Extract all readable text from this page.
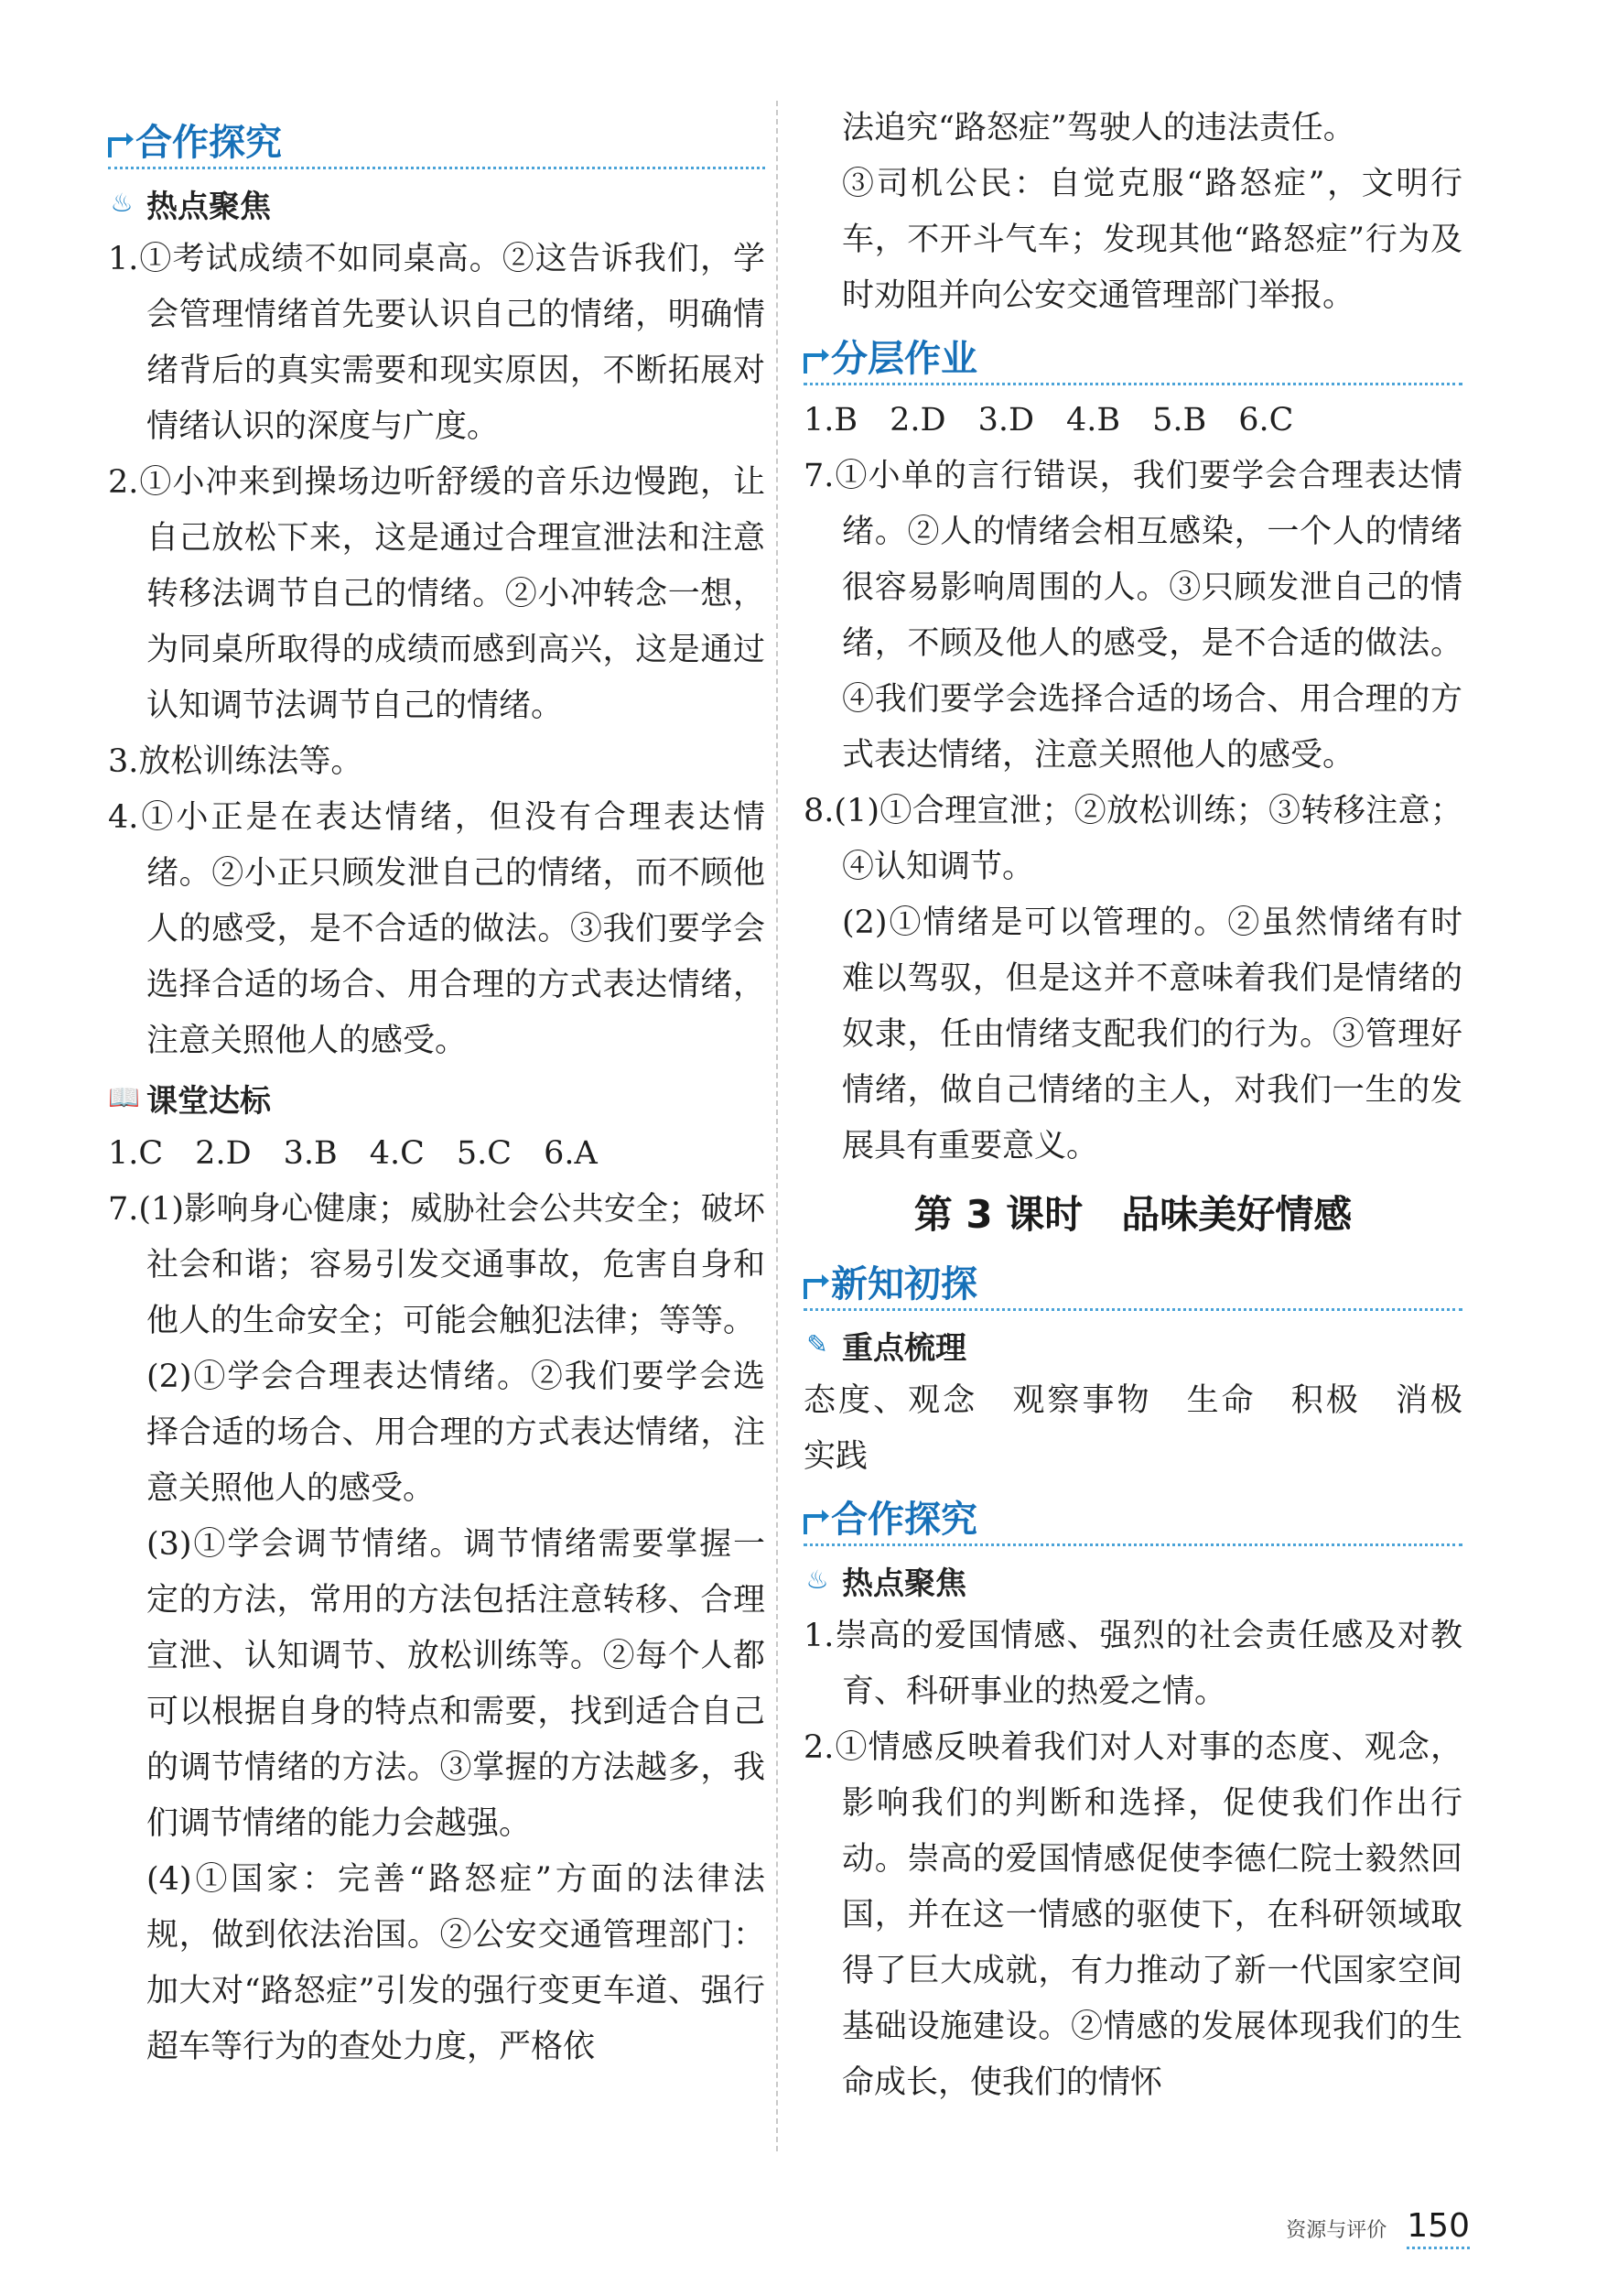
合作探究
♨ 热点聚焦

1.①考试成绩不如同桌高。②这告诉我们，学会管理情绪首先要认识自己的情绪，明确情绪背后的真实需要和现实原因，不断拓展对情绪认识的深度与广度。

2.①小冲来到操场边听舒缓的音乐边慢跑，让自己放松下来，这是通过合理宣泄法和注意转移法调节自己的情绪。②小冲转念一想，为同桌所取得的成绩而感到高兴，这是通过认知调节法调节自己的情绪。

3.放松训练法等。

4.①小正是在表达情绪，但没有合理表达情绪。②小正只顾发泄自己的情绪，而不顾他人的感受，是不合适的做法。③我们要学会选择合适的场合、用合理的方式表达情绪，注意关照他人的感受。

📖 课堂达标

1.C　2.D　3.B　4.C　5.C　6.A

7.(1)影响身心健康；威胁社会公共安全；破坏社会和谐；容易引发交通事故，危害自身和他人的生命安全；可能会触犯法律；等等。

(2)①学会合理表达情绪。②我们要学会选择合适的场合、用合理的方式表达情绪，注意关照他人的感受。

(3)①学会调节情绪。调节情绪需要掌握一定的方法，常用的方法包括注意转移、合理宣泄、认知调节、放松训练等。②每个人都可以根据自身的特点和需要，找到适合自己的调节情绪的方法。③掌握的方法越多，我们调节情绪的能力会越强。

(4)①国家：完善“路怒症”方面的法律法规，做到依法治国。②公安交通管理部门：加大对“路怒症”引发的强行变更车道、强行超车等行为的查处力度，严格依

法追究“路怒症”驾驶人的违法责任。

③司机公民：自觉克服“路怒症”，文明行车，不开斗气车；发现其他“路怒症”行为及时劝阻并向公安交通管理部门举报。

分层作业

1.B　2.D　3.D　4.B　5.B　6.C

7.①小单的言行错误，我们要学会合理表达情绪。②人的情绪会相互感染，一个人的情绪很容易影响周围的人。③只顾发泄自己的情绪，不顾及他人的感受，是不合适的做法。④我们要学会选择合适的场合、用合理的方式表达情绪，注意关照他人的感受。

8.(1)①合理宣泄；②放松训练；③转移注意；④认知调节。

(2)①情绪是可以管理的。②虽然情绪有时难以驾驭，但是这并不意味着我们是情绪的奴隶，任由情绪支配我们的行为。③管理好情绪，做自己情绪的主人，对我们一生的发展具有重要意义。

第 3 课时　品味美好情感
新知初探
✎ 重点梳理

态度、观念　观察事物　生命　积极　消极　实践

合作探究
♨ 热点聚焦

1.崇高的爱国情感、强烈的社会责任感及对教育、科研事业的热爱之情。

2.①情感反映着我们对人对事的态度、观念，影响我们的判断和选择，促使我们作出行动。崇高的爱国情感促使李德仁院士毅然回国，并在这一情感的驱使下，在科研领域取得了巨大成就，有力推动了新一代国家空间基础设施建设。②情感的发展体现我们的生命成长，使我们的情怀

资源与评价 150
